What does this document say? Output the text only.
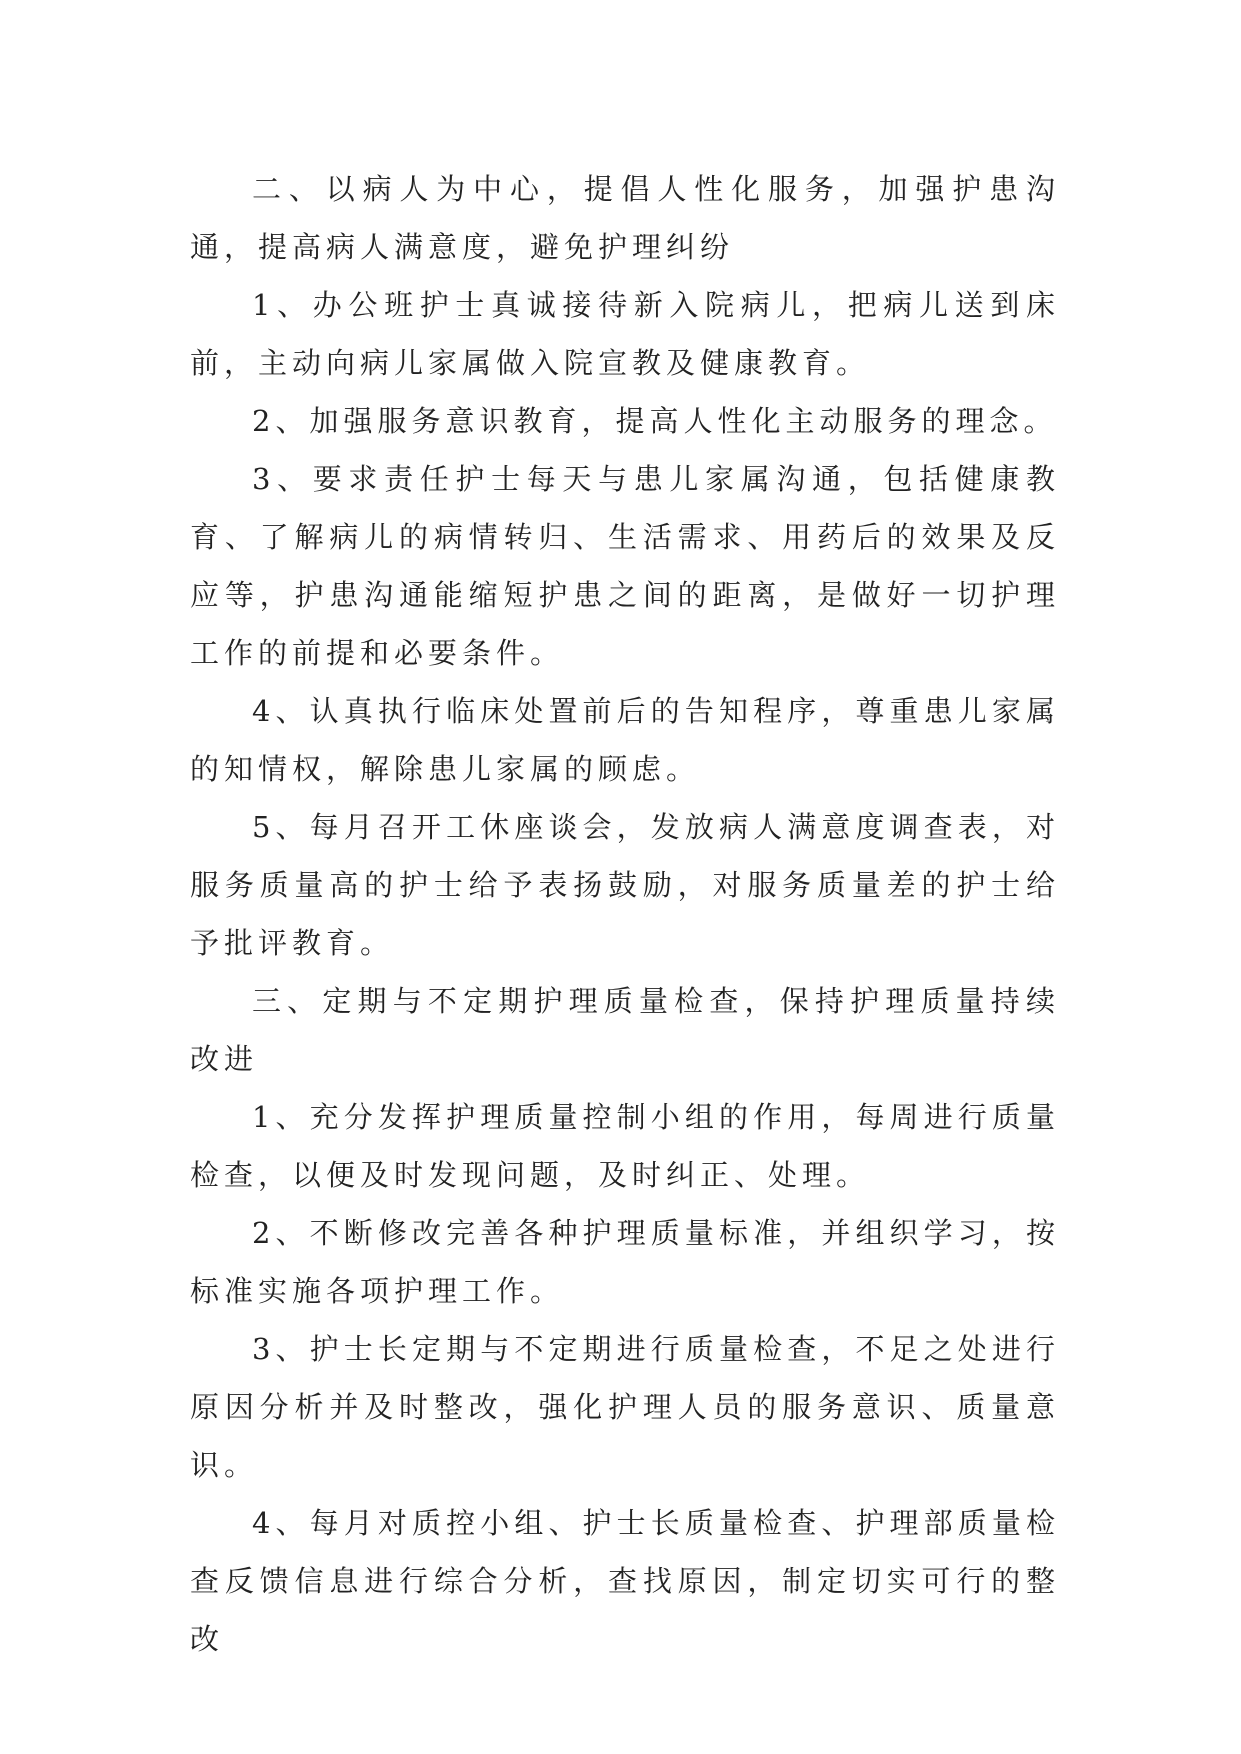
二、以病人为中心，提倡人性化服务，加强护患沟通，提高病人满意度，避免护理纠纷

1、办公班护士真诚接待新入院病儿，把病儿送到床前，主动向病儿家属做入院宣教及健康教育。

2、加强服务意识教育，提高人性化主动服务的理念。

3、要求责任护士每天与患儿家属沟通，包括健康教育、了解病儿的病情转归、生活需求、用药后的效果及反应等，护患沟通能缩短护患之间的距离，是做好一切护理工作的前提和必要条件。

4、认真执行临床处置前后的告知程序，尊重患儿家属的知情权，解除患儿家属的顾虑。

5、每月召开工休座谈会，发放病人满意度调查表，对服务质量高的护士给予表扬鼓励，对服务质量差的护士给予批评教育。

三、定期与不定期护理质量检查，保持护理质量持续改进

1、充分发挥护理质量控制小组的作用，每周进行质量检查，以便及时发现问题，及时纠正、处理。

2、不断修改完善各种护理质量标准，并组织学习，按标准实施各项护理工作。

3、护士长定期与不定期进行质量检查，不足之处进行原因分析并及时整改，强化护理人员的服务意识、质量意识。

4、每月对质控小组、护士长质量检查、护理部质量检查反馈信息进行综合分析，查找原因，制定切实可行的整改
